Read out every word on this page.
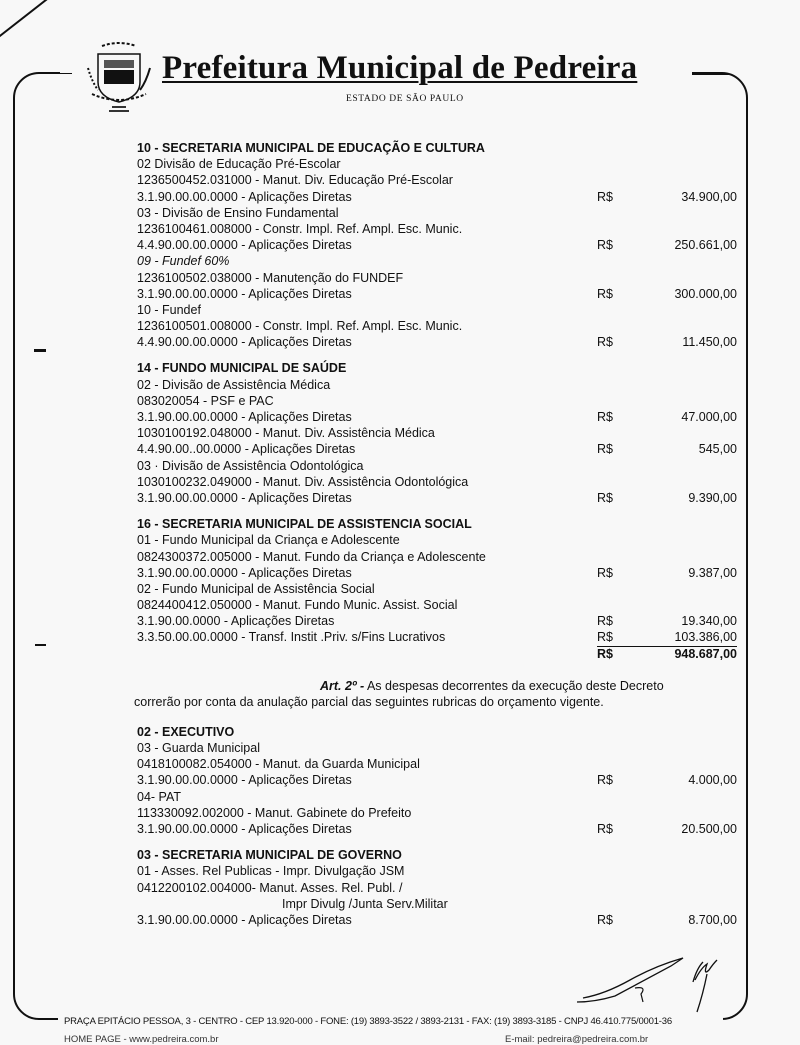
Prefeitura Municipal de Pedreira
ESTADO DE SÃO PAULO
10 - SECRETARIA MUNICIPAL DE EDUCAÇÃO E CULTURA
02 Divisão de Educação Pré-Escolar
1236500452.031000 - Manut. Div. Educação Pré-Escolar
3.1.90.00.00.0000 - Aplicações Diretas	R$	34.900,00
03 - Divisão de Ensino Fundamental
1236100461.008000 - Constr. Impl. Ref. Ampl. Esc. Munic.
4.4.90.00.00.0000 - Aplicações Diretas	R$	250.661,00
09 - Fundef 60%
1236100502.038000 - Manutenção do FUNDEF
3.1.90.00.00.0000 - Aplicações Diretas	R$	300.000,00
10 - Fundef
1236100501.008000 - Constr. Impl. Ref. Ampl. Esc. Munic.
4.4.90.00.00.0000 - Aplicações Diretas	R$	11.450,00
14 - FUNDO MUNICIPAL DE SAÚDE
02 - Divisão de Assistência Médica
083020054 - PSF e PAC
3.1.90.00.00.0000 - Aplicações Diretas	R$	47.000,00
1030100192.048000 - Manut. Div. Assistência Médica
4.4.90.00..00.0000 - Aplicações Diretas	R$	545,00
03 · Divisão de Assistência Odontológica
1030100232.049000 - Manut. Div. Assistência Odontológica
3.1.90.00.00.0000 - Aplicações Diretas	R$	9.390,00
16 - SECRETARIA MUNICIPAL DE ASSISTENCIA SOCIAL
01 - Fundo Municipal da Criança e Adolescente
0824300372.005000 - Manut. Fundo da Criança e Adolescente
3.1.90.00.00.0000 - Aplicações Diretas	R$	9.387,00
02 - Fundo Municipal de Assistência Social
0824400412.050000 - Manut. Fundo Munic. Assist. Social
3.1.90.00.0000 - Aplicações Diretas	R$	19.340,00
3.3.50.00.00.0000 - Transf. Instit .Priv. s/Fins Lucrativos	R$	103.386,00
R$	948.687,00
Art. 2º - As despesas decorrentes da execução deste Decreto
correrão por conta da anulação parcial das seguintes rubricas do orçamento vigente.
02 - EXECUTIVO
03 - Guarda Municipal
0418100082.054000 - Manut. da Guarda Municipal
3.1.90.00.00.0000 - Aplicações Diretas	R$	4.000,00
04- PAT
113330092.002000 - Manut. Gabinete do Prefeito
3.1.90.00.00.0000 - Aplicações Diretas	R$	20.500,00
03 - SECRETARIA MUNICIPAL DE GOVERNO
01 - Asses. Rel Publicas - Impr. Divulgação JSM
0412200102.004000- Manut. Asses. Rel. Publ. /
Impr Divulg /Junta Serv.Militar
3.1.90.00.00.0000 - Aplicações Diretas	R$	8.700,00
PRAÇA EPITÁCIO PESSOA, 3 - CENTRO - CEP 13.920-000 - FONE: (19) 3893-3522 / 3893-2131 - FAX: (19) 3893-3185 - CNPJ 46.410.775/0001-36
HOME PAGE - www.pedreira.com.br	E-mail: pedreira@pedreira.com.br
